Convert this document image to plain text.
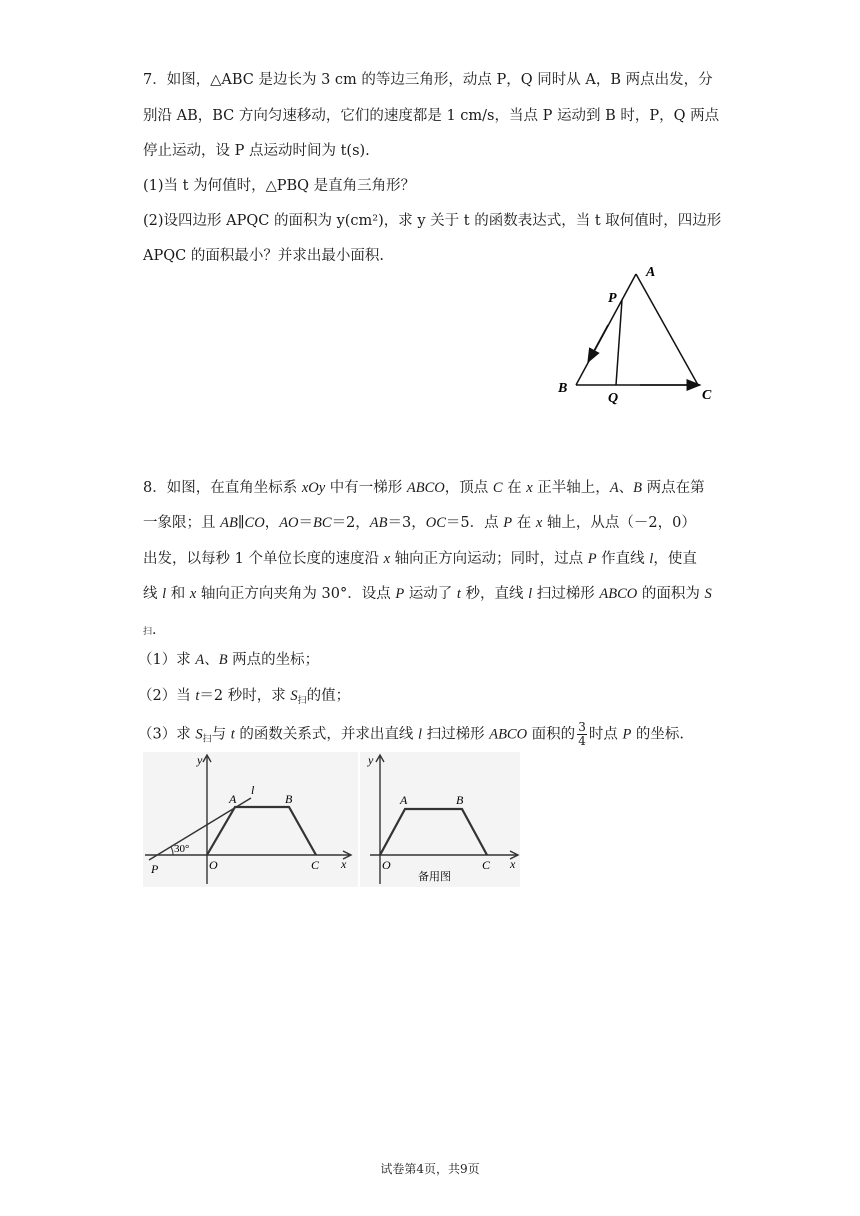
7．如图，△ABC 是边长为 3 cm 的等边三角形，动点 P，Q 同时从 A，B 两点出发，分
别沿 AB，BC 方向匀速移动，它们的速度都是 1 cm/s，当点 P 运动到 B 时，P，Q 两点
停止运动，设 P 点运动时间为 t(s).
(1)当 t 为何值时，△PBQ 是直角三角形？
(2)设四边形 APQC 的面积为 y(cm²)，求 y 关于 t 的函数表达式，当 t 取何值时，四边形
APQC 的面积最小？并求出最小面积.
A
P
B
Q	C
8．如图，在直角坐标系 xOy 中有一梯形 ABCO，顶点 C 在 x 正半轴上，A、B 两点在第
一象限；且 AB∥CO，AO＝BC＝2，AB＝3，OC＝5．点 P 在 x 轴上，从点（－2，0）
出发，以每秒 1 个单位长度的速度沿 x 轴向正方向运动；同时，过点 P 作直线 l，使直
线 l 和 x 轴向正方向夹角为 30°．设点 P 运动了 t 秒，直线 l 扫过梯形 ABCO 的面积为 S
扫.
（1）求 A、B 两点的坐标；
（2）当 t＝2 秒时，求 $S_扫$的值；
（3）求 $S_扫$与 t 的函数关系式，并求出直线 l 扫过梯形 ABCO 面积的 $\frac{3}{4}$ 时点 P 的坐标.
y
x
A	B
l
O	C
P
30°
y
x
A	B
O	C
备用图
试卷第4页，共9页
